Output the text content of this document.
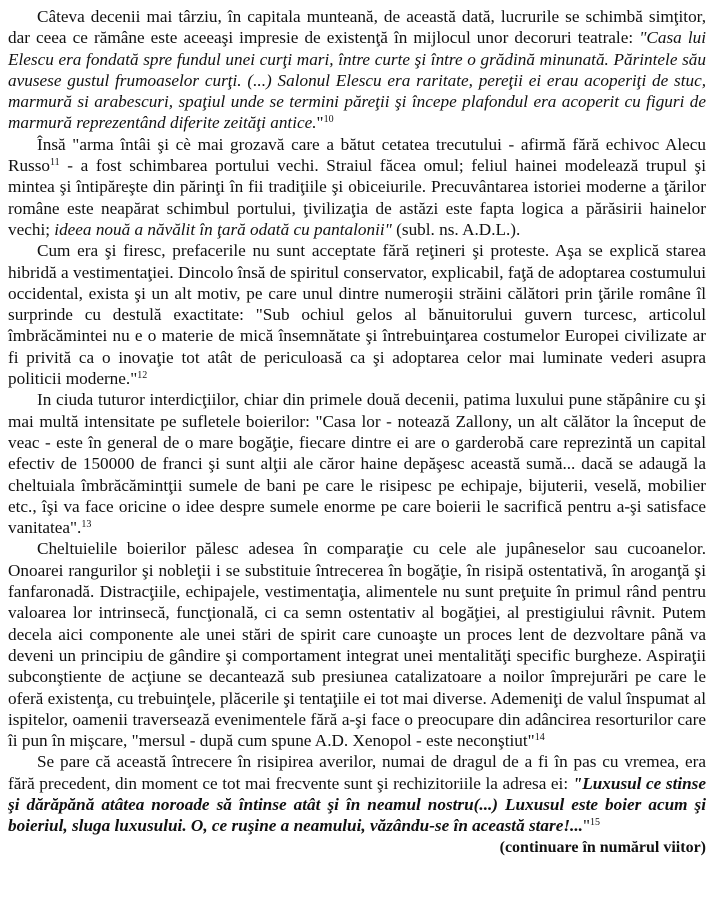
Câteva decenii mai târziu, în capitala munteană, de această dată, lucrurile se schimbă simţitor, dar ceea ce rămâne este aceeaşi impresie de existenţă în mijlocul unor decoruri teatrale: "Casa lui Elescu era fondată spre fundul unei curţi mari, între curte şi între o grădină minunată. Părintele său avusese gustul frumoaselor curţi. (...) Salonul Elescu era raritate, pereţii ei erau acoperiţi de stuc, marmură si arabescuri, spaţiul unde se termini păreţii şi începe plafondul era acoperit cu figuri de marmură reprezentând diferite zeităţi antice."$^{10}$

Însă "arma întâi şi cè mai grozavă care a bătut cetatea trecutului - afirmă fără echivoc Alecu Russo$^{11}$ - a fost schimbarea portului vechi. Straiul făcea omul; feliul hainei modelează trupul şi mintea şi întipăreşte din părinţi în fii tradiţiile şi obiceiurile. Precuvântarea istoriei moderne a ţărilor române este neapărat schimbul portului, ţivilizaţia de astăzi este fapta logica a părăsirii hainelor vechi; ideea nouă a năvălit în ţară odată cu pantalonii" (subl. ns. A.D.L.).

Cum era şi firesc, prefacerile nu sunt acceptate fără reţineri şi proteste. Aşa se explică starea hibridă a vestimentaţiei. Dincolo însă de spiritul conservator, explicabil, faţă de adoptarea costumului occidental, exista şi un alt motiv, pe care unul dintre numeroşii străini călători prin ţările române îl surprinde cu destulă exactitate: "Sub ochiul gelos al bănuitorului guvern turcesc, articolul îmbrăcămintei nu e o materie de mică însemnătate şi întrebuinţarea costumelor Europei civilizate ar fi privită ca o inovaţie tot atât de periculoasă ca şi adoptarea celor mai luminate vederi asupra politicii moderne."$^{12}$

In ciuda tuturor interdicţiilor, chiar din primele două decenii, patima luxului pune stăpânire cu şi mai multă intensitate pe sufletele boierilor: "Casa lor - notează Zallony, un alt călător la început de veac - este în general de o mare bogăţie, fiecare dintre ei are o garderobă care reprezintă un capital efectiv de 150000 de franci şi sunt alţii ale căror haine depăşesc această sumă... dacă se adaugă la cheltuiala îmbrăcămintţii sumele de bani pe care le risipesc pe echipaje, bijuterii, veselă, mobilier etc., îşi va face oricine o idee despre sumele enorme pe care boierii le sacrifică pentru a-şi satisface vanitatea".$^{13}$

Cheltuielile boierilor pălesc adesea în comparaţie cu cele ale jupâneselor sau cucoanelor. Onoarei rangurilor şi nobleţii i se substituie întrecerea în bogăţie, în risipă ostentativă, în aroganţă şi fanfaronadă. Distracţiile, echipajele, vestimentaţia, alimentele nu sunt preţuite în primul rând pentru valoarea lor intrinsecă, funcţională, ci ca semn ostentativ al bogăţiei, al prestigiului râvnit. Putem decela aici componente ale unei stări de spirit care cunoaşte un proces lent de dezvoltare până va deveni un principiu de gândire şi comportament integrat unei mentalităţi specific burgheze. Aspiraţii subconştiente de acţiune se decantează sub presiunea catalizatoare a noilor împrejurări pe care le oferă existenţa, cu trebuinţele, plăcerile şi tentaţiile ei tot mai diverse. Ademeniţi de valul înspumat al ispitelor, oamenii traversează evenimentele fără a-şi face o preocupare din adâncirea resorturilor care îi pun în mişcare, "mersul - după cum spune A.D. Xenopol - este neconştiut"$^{14}$

Se pare că această întrecere în risipirea averilor, numai de dragul de a fi în pas cu vremea, era fără precedent, din moment ce tot mai frecvente sunt şi rechizitoriile la adresa ei: "Luxusul ce stinse şi dărăpănă atâtea noroade să întinse atât şi în neamul nostru(...) Luxusul este boier acum şi boieriul, sluga luxusului. O, ce ruşine a neamului, văzându-se în această stare!..."$^{15}$

(continuare în numărul viitor)
